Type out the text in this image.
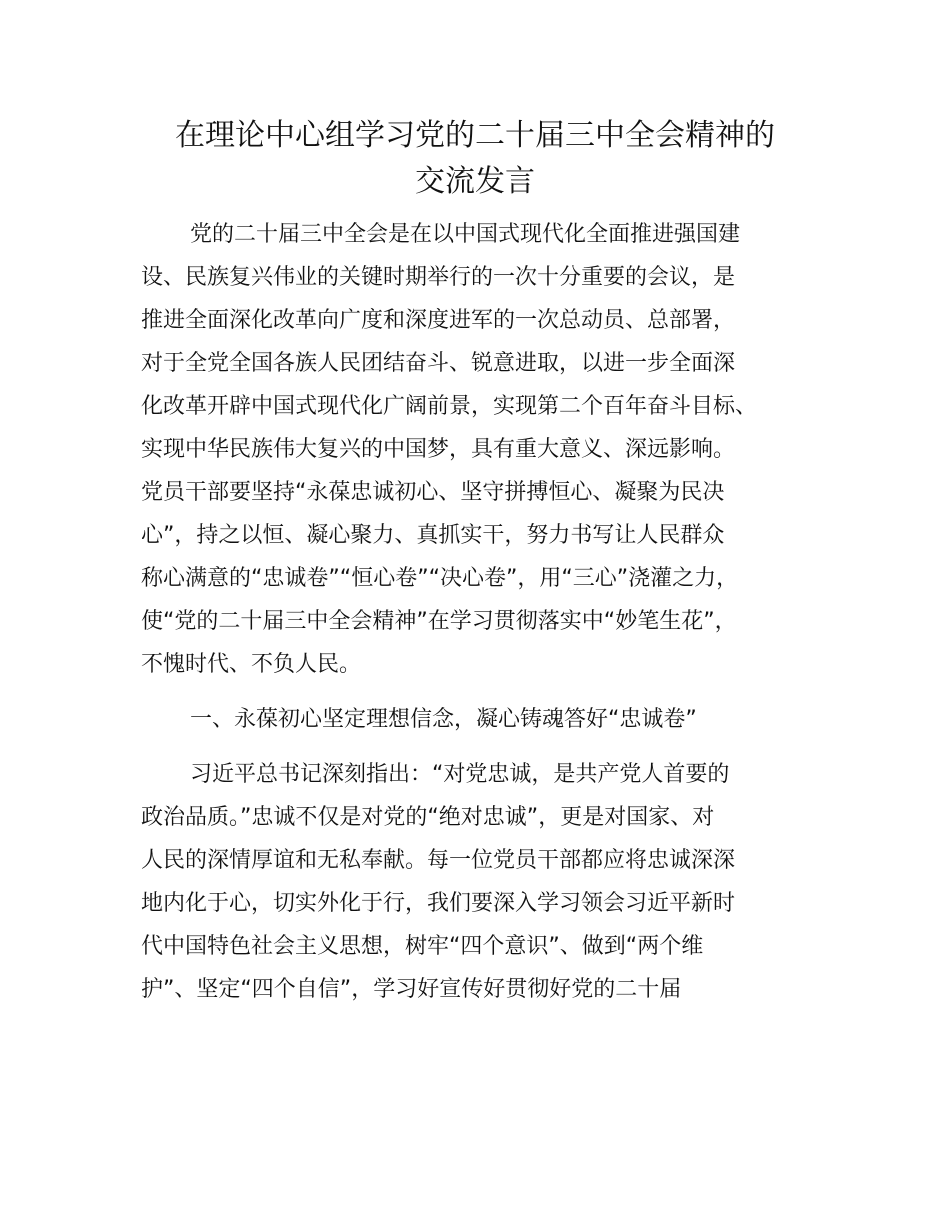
在理论中心组学习党的二十届三中全会精神的
交流发言
党的二十届三中全会是在以中国式现代化全面推进强国建
设、民族复兴伟业的关键时期举行的一次十分重要的会议，是
推进全面深化改革向广度和深度进军的一次总动员、总部署，
对于全党全国各族人民团结奋斗、锐意进取，以进一步全面深
化改革开辟中国式现代化广阔前景，实现第二个百年奋斗目标、
实现中华民族伟大复兴的中国梦，具有重大意义、深远影响。
党员干部要坚持“永葆忠诚初心、坚守拼搏恒心、凝聚为民决
心”，持之以恒、凝心聚力、真抓实干，努力书写让人民群众
称心满意的“忠诚卷”“恒心卷”“决心卷”，用“三心”浇灌之力，
使“党的二十届三中全会精神”在学习贯彻落实中“妙笔生花”，
不愧时代、不负人民。
一、永葆初心坚定理想信念，凝心铸魂答好“忠诚卷”
习近平总书记深刻指出：“对党忠诚，是共产党人首要的
政治品质。”忠诚不仅是对党的“绝对忠诚”，更是对国家、对
人民的深情厚谊和无私奉献。每一位党员干部都应将忠诚深深
地内化于心，切实外化于行，我们要深入学习领会习近平新时
代中国特色社会主义思想，树牢“四个意识”、做到“两个维
护”、坚定“四个自信”，学习好宣传好贯彻好党的二十届
